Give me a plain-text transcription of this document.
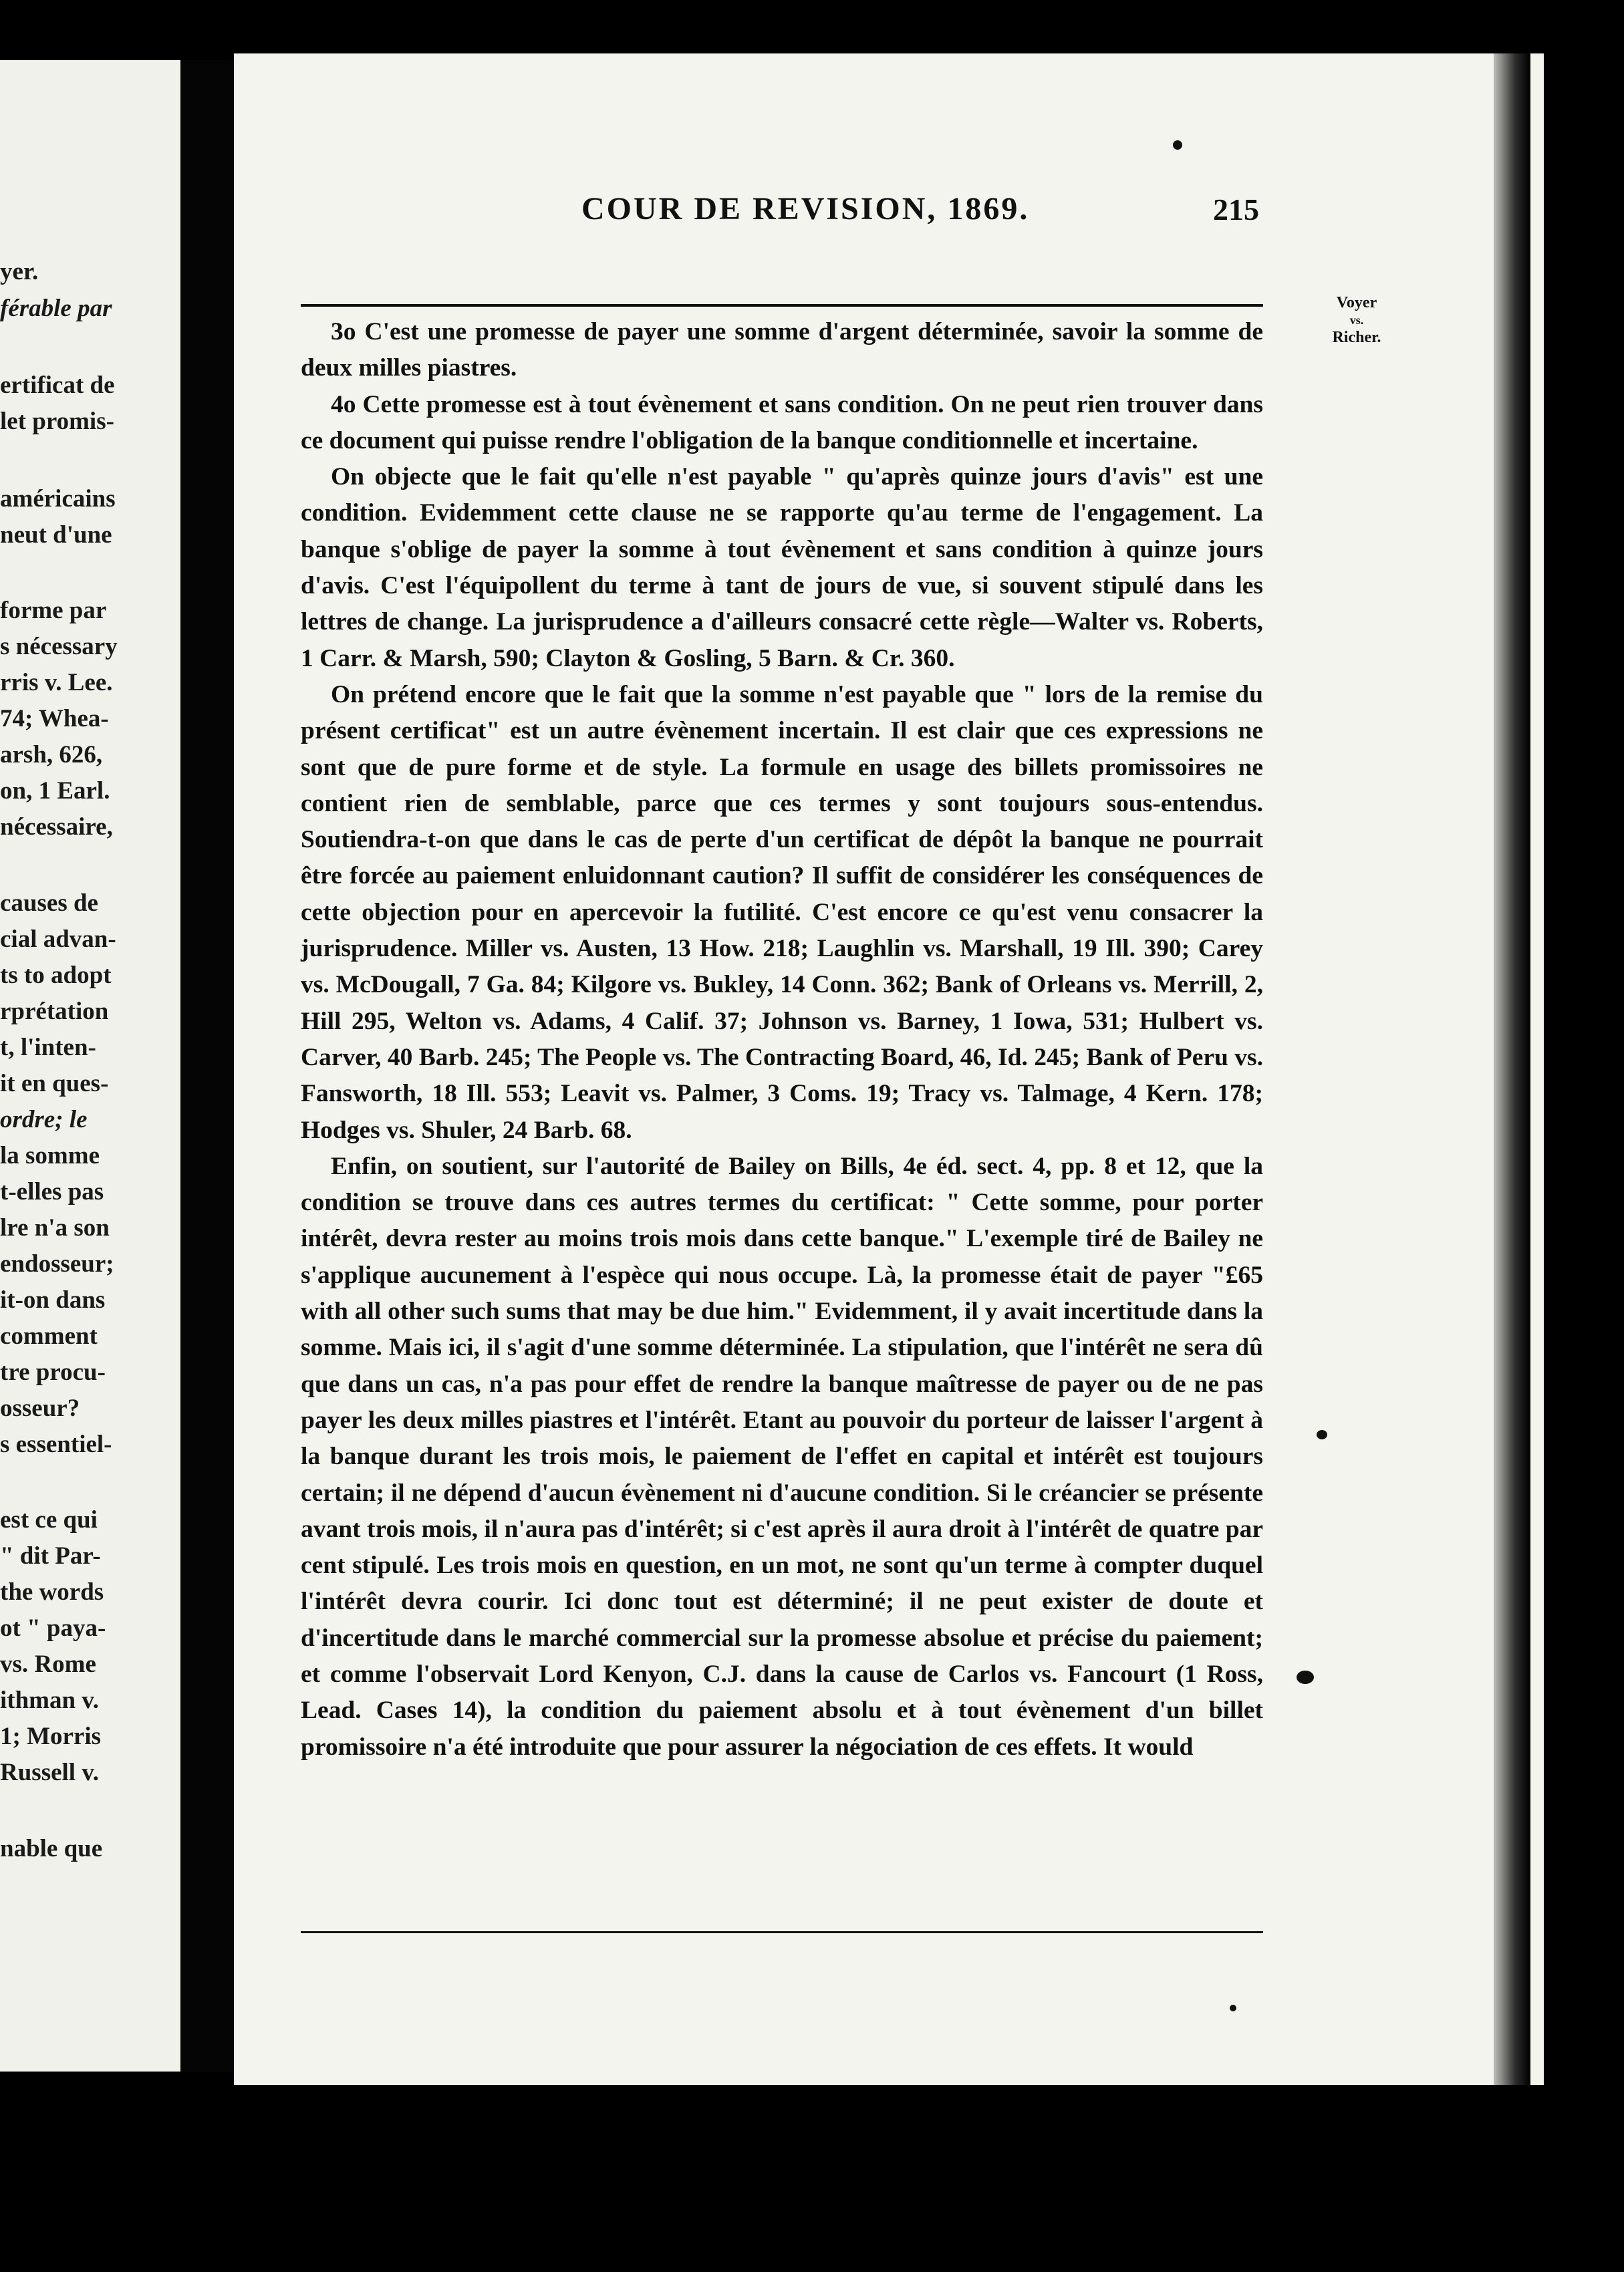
yer.
férable par
ertificat de
let promis-
américains
neut d'une
forme par
s nécessary
rris v. Lee.
74; Whea-
arsh, 626,
on, 1 Earl.
nécessaire,
causes de
cial advan-
ts to adopt
rprétation
t, l'inten-
it en ques-
ordre; le
la somme
t-elles pas
lre n'a son
endosseur;
it-on dans
comment
tre procu-
osseur?
s essentiel-
est ce qui
" dit Par-
the words
ot " paya-
vs. Rome
ithman v.
1; Morris
Russell v.
nable que
COUR DE REVISION, 1869.	215
Voyer
vs.
Richer.

3o C'est une promesse de payer une somme d'argent déterminée, savoir la somme de deux milles piastres.

4o Cette promesse est à tout évènement et sans condition. On ne peut rien trouver dans ce document qui puisse rendre l'obligation de la banque conditionnelle et incertaine.

On objecte que le fait qu'elle n'est payable " qu'après quinze jours d'avis" est une condition. Evidemment cette clause ne se rapporte qu'au terme de l'engagement. La banque s'oblige de payer la somme à tout évènement et sans condition à quinze jours d'avis. C'est l'équipollent du terme à tant de jours de vue, si souvent stipulé dans les lettres de change. La jurisprudence a d'ailleurs consacré cette règle—Walter vs. Roberts, 1 Carr. & Marsh, 590; Clayton & Gosling, 5 Barn. & Cr. 360.

On prétend encore que le fait que la somme n'est payable que " lors de la remise du présent certificat" est un autre évènement incertain. Il est clair que ces expressions ne sont que de pure forme et de style. La formule en usage des billets promissoires ne contient rien de semblable, parce que ces termes y sont toujours sous-entendus. Soutiendra-t-on que dans le cas de perte d'un certificat de dépôt la banque ne pourrait être forcée au paiement enluidonnant caution? Il suffit de considérer les conséquences de cette objection pour en apercevoir la futilité. C'est encore ce qu'est venu consacrer la jurisprudence. Miller vs. Austen, 13 How. 218; Laughlin vs. Marshall, 19 Ill. 390; Carey vs. McDougall, 7 Ga. 84; Kilgore vs. Bukley, 14 Conn. 362; Bank of Orleans vs. Merrill, 2, Hill 295, Welton vs. Adams, 4 Calif. 37; Johnson vs. Barney, 1 Iowa, 531; Hulbert vs. Carver, 40 Barb. 245; The People vs. The Contracting Board, 46, Id. 245; Bank of Peru vs. Fansworth, 18 Ill. 553; Leavit vs. Palmer, 3 Coms. 19; Tracy vs. Talmage, 4 Kern. 178; Hodges vs. Shuler, 24 Barb. 68.

Enfin, on soutient, sur l'autorité de Bailey on Bills, 4e éd. sect. 4, pp. 8 et 12, que la condition se trouve dans ces autres termes du certificat: " Cette somme, pour porter intérêt, devra rester au moins trois mois dans cette banque." L'exemple tiré de Bailey ne s'applique aucunement à l'espèce qui nous occupe. Là, la promesse était de payer "£65 with all other such sums that may be due him." Evidemment, il y avait incertitude dans la somme. Mais ici, il s'agit d'une somme déterminée. La stipulation, que l'intérêt ne sera dû que dans un cas, n'a pas pour effet de rendre la banque maîtresse de payer ou de ne pas payer les deux milles piastres et l'intérêt. Etant au pouvoir du porteur de laisser l'argent à la banque durant les trois mois, le paiement de l'effet en capital et intérêt est toujours certain; il ne dépend d'aucun évènement ni d'aucune condition. Si le créancier se présente avant trois mois, il n'aura pas d'intérêt; si c'est après il aura droit à l'intérêt de quatre par cent stipulé. Les trois mois en question, en un mot, ne sont qu'un terme à compter duquel l'intérêt devra courir. Ici donc tout est déterminé; il ne peut exister de doute et d'incertitude dans le marché commercial sur la promesse absolue et précise du paiement; et comme l'observait Lord Kenyon, C.J. dans la cause de Carlos vs. Fancourt (1 Ross, Lead. Cases 14), la condition du paiement absolu et à tout évènement d'un billet promissoire n'a été introduite que pour assurer la négociation de ces effets. It would
